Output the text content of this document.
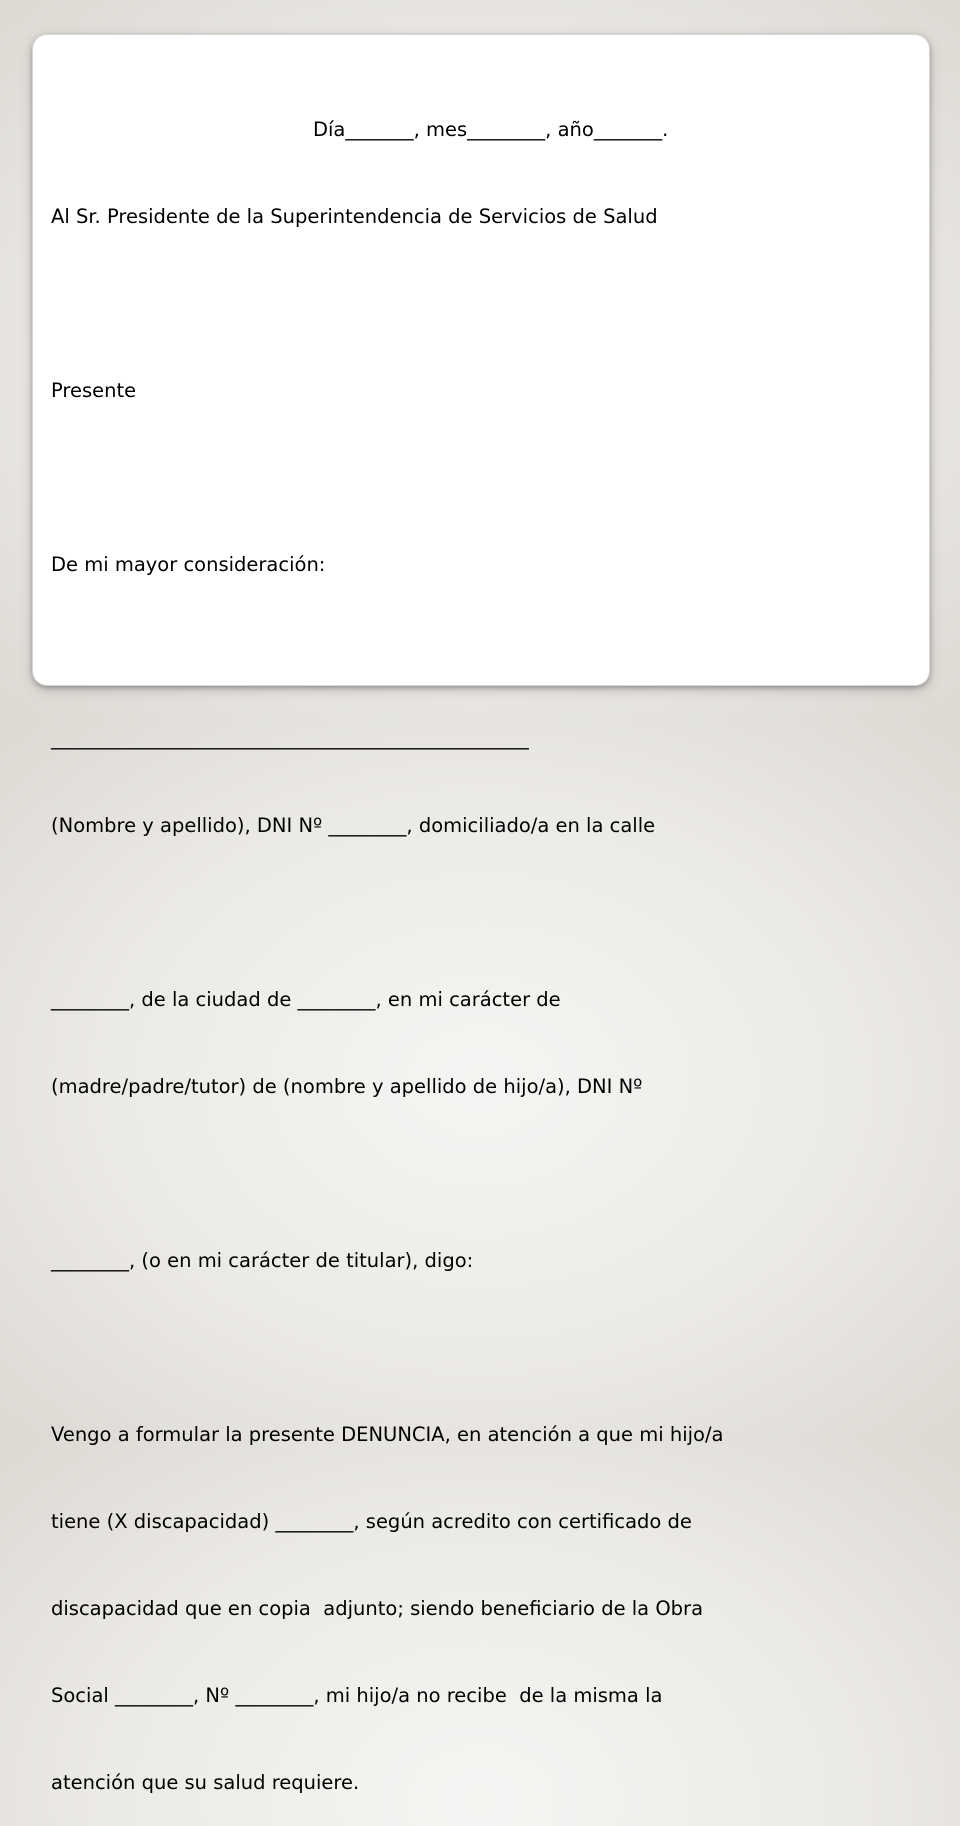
Día_______, mes________, año_______.

Al Sr. Presidente de la Superintendencia de Servicios de Salud

Presente

De mi mayor consideración:

_________________________________________________

(Nombre y apellido), DNI Nº ________, domiciliado/a en la calle

________, de la ciudad de ________, en mi carácter de

(madre/padre/tutor) de (nombre y apellido de hijo/a), DNI Nº

________, (o en mi carácter de titular), digo:

Vengo a formular la presente DENUNCIA, en atención a que mi hijo/a

tiene (X discapacidad) ________, según acredito con certificado de

discapacidad que en copia  adjunto; siendo beneficiario de la Obra

Social ________, Nº ________, mi hijo/a no recibe  de la misma la

atención que su salud requiere.
